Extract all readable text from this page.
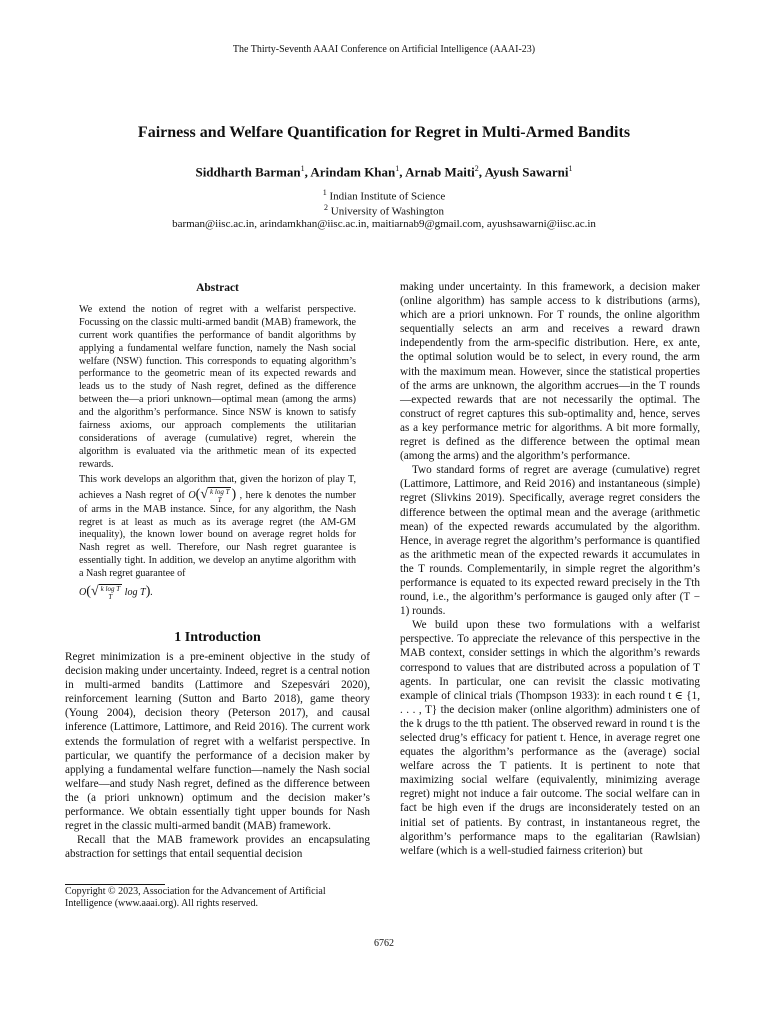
The Thirty-Seventh AAAI Conference on Artificial Intelligence (AAAI-23)
Fairness and Welfare Quantification for Regret in Multi-Armed Bandits
Siddharth Barman$^1$, Arindam Khan$^1$, Arnab Maiti$^2$, Ayush Sawarni$^1$
$^1$ Indian Institute of Science
$^2$ University of Washington
barman@iisc.ac.in, arindamkhan@iisc.ac.in, maitiarnab9@gmail.com, ayushsawarni@iisc.ac.in
Abstract

We extend the notion of regret with a welfarist perspective. Focussing on the classic multi-armed bandit (MAB) framework, the current work quantifies the performance of bandit algorithms by applying a fundamental welfare function, namely the Nash social welfare (NSW) function. This corresponds to equating algorithm’s performance to the geometric mean of its expected rewards and leads us to the study of Nash regret, defined as the difference between the—a priori unknown—optimal mean (among the arms) and the algorithm’s performance. Since NSW is known to satisfy fairness axioms, our approach complements the utilitarian considerations of average (cumulative) regret, wherein the algorithm is evaluated via the arithmetic mean of its expected rewards.

This work develops an algorithm that, given the horizon of play T, achieves a Nash regret of O(√ k log T
T ) , here k denotes the number of arms in the MAB instance. Since, for any algorithm, the Nash regret is at least as much as its average regret (the AM-GM inequality), the known lower bound on average regret holds for Nash regret as well. Therefore, our Nash regret guarantee is essentially tight. In addition, we develop an anytime algorithm with a Nash regret guarantee of

O(√ k log T
T log T).
1 Introduction

Regret minimization is a pre-eminent objective in the study of decision making under uncertainty. Indeed, regret is a central notion in multi-armed bandits (Lattimore and Szepesvári 2020), reinforcement learning (Sutton and Barto 2018), game theory (Young 2004), decision theory (Peterson 2017), and causal inference (Lattimore, Lattimore, and Reid 2016). The current work extends the formulation of regret with a welfarist perspective. In particular, we quantify the performance of a decision maker by applying a fundamental welfare function—namely the Nash social welfare—and study Nash regret, defined as the difference between the (a priori unknown) optimum and the decision maker’s performance. We obtain essentially tight upper bounds for Nash regret in the classic multi-armed bandit (MAB) framework.

Recall that the MAB framework provides an encapsulating abstraction for settings that entail sequential decision

Copyright © 2023, Association for the Advancement of Artificial Intelligence (www.aaai.org). All rights reserved.

making under uncertainty. In this framework, a decision maker (online algorithm) has sample access to k distributions (arms), which are a priori unknown. For T rounds, the online algorithm sequentially selects an arm and receives a reward drawn independently from the arm-specific distribution. Here, ex ante, the optimal solution would be to select, in every round, the arm with the maximum mean. However, since the statistical properties of the arms are unknown, the algorithm accrues—in the T rounds—expected rewards that are not necessarily the optimal. The construct of regret captures this sub-optimality and, hence, serves as a key performance metric for algorithms. A bit more formally, regret is defined as the difference between the optimal mean (among the arms) and the algorithm’s performance.

Two standard forms of regret are average (cumulative) regret (Lattimore, Lattimore, and Reid 2016) and instantaneous (simple) regret (Slivkins 2019). Specifically, average regret considers the difference between the optimal mean and the average (arithmetic mean) of the expected rewards accumulated by the algorithm. Hence, in average regret the algorithm’s performance is quantified as the arithmetic mean of the expected rewards it accumulates in the T rounds. Complementarily, in simple regret the algorithm’s performance is equated to its expected reward precisely in the Tth round, i.e., the algorithm’s performance is gauged only after (T − 1) rounds.

We build upon these two formulations with a welfarist perspective. To appreciate the relevance of this perspective in the MAB context, consider settings in which the algorithm’s rewards correspond to values that are distributed across a population of T agents. In particular, one can revisit the classic motivating example of clinical trials (Thompson 1933): in each round t ∈ {1, . . . , T} the decision maker (online algorithm) administers one of the k drugs to the tth patient. The observed reward in round t is the selected drug’s efficacy for patient t. Hence, in average regret one equates the algorithm’s performance as the (average) social welfare across the T patients. It is pertinent to note that maximizing social welfare (equivalently, minimizing average regret) might not induce a fair outcome. The social welfare can in fact be high even if the drugs are inconsiderately tested on an initial set of patients. By contrast, in instantaneous regret, the algorithm’s performance maps to the egalitarian (Rawlsian) welfare (which is a well-studied fairness criterion) but

6762
